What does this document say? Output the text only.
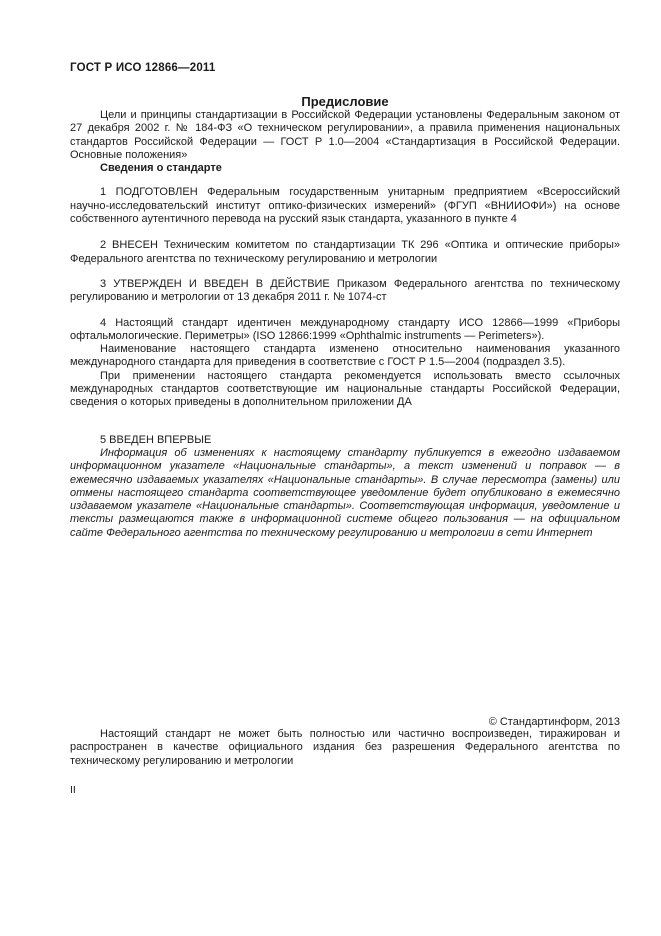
ГОСТ Р ИСО 12866—2011
Предисловие

Цели и принципы стандартизации в Российской Федерации установлены Федеральным законом от 27 декабря 2002 г. № 184-ФЗ «О техническом регулировании», а правила применения национальных стандартов Российской Федерации — ГОСТ Р 1.0—2004 «Стандартизация в Российской Федерации. Основные положения»

Сведения о стандарте

1 ПОДГОТОВЛЕН Федеральным государственным унитарным предприятием «Всероссийский научно-исследовательский институт оптико-физических измерений» (ФГУП «ВНИИОФИ») на основе собственного аутентичного перевода на русский язык стандарта, указанного в пункте 4

2 ВНЕСЕН Техническим комитетом по стандартизации ТК 296 «Оптика и оптические приборы» Федерального агентства по техническому регулированию и метрологии

3 УТВЕРЖДЕН И ВВЕДЕН В ДЕЙСТВИЕ Приказом Федерального агентства по техническому регулированию и метрологии от 13 декабря 2011 г. № 1074-ст

4 Настоящий стандарт идентичен международному стандарту ИСО 12866—1999 «Приборы офтальмологические. Периметры» (ISO 12866:1999 «Ophthalmic instruments — Perimeters»).

Наименование настоящего стандарта изменено относительно наименования указанного международного стандарта для приведения в соответствие с ГОСТ Р 1.5—2004 (подраздел 3.5).

При применении настоящего стандарта рекомендуется использовать вместо ссылочных международных стандартов соответствующие им национальные стандарты Российской Федерации, сведения о которых приведены в дополнительном приложении ДА

5 ВВЕДЕН ВПЕРВЫЕ

Информация об изменениях к настоящему стандарту публикуется в ежегодно издаваемом информационном указателе «Национальные стандарты», а текст изменений и поправок — в ежемесячно издаваемых указателях «Национальные стандарты». В случае пересмотра (замены) или отмены настоящего стандарта соответствующее уведомление будет опубликовано в ежемесячно издаваемом указателе «Национальные стандарты». Соответствующая информация, уведомление и тексты размещаются также в информационной системе общего пользования — на официальном сайте Федерального агентства по техническому регулированию и метрологии в сети Интернет

© Стандартинформ, 2013

Настоящий стандарт не может быть полностью или частично воспроизведен, тиражирован и распространен в качестве официального издания без разрешения Федерального агентства по техническому регулированию и метрологии

II
